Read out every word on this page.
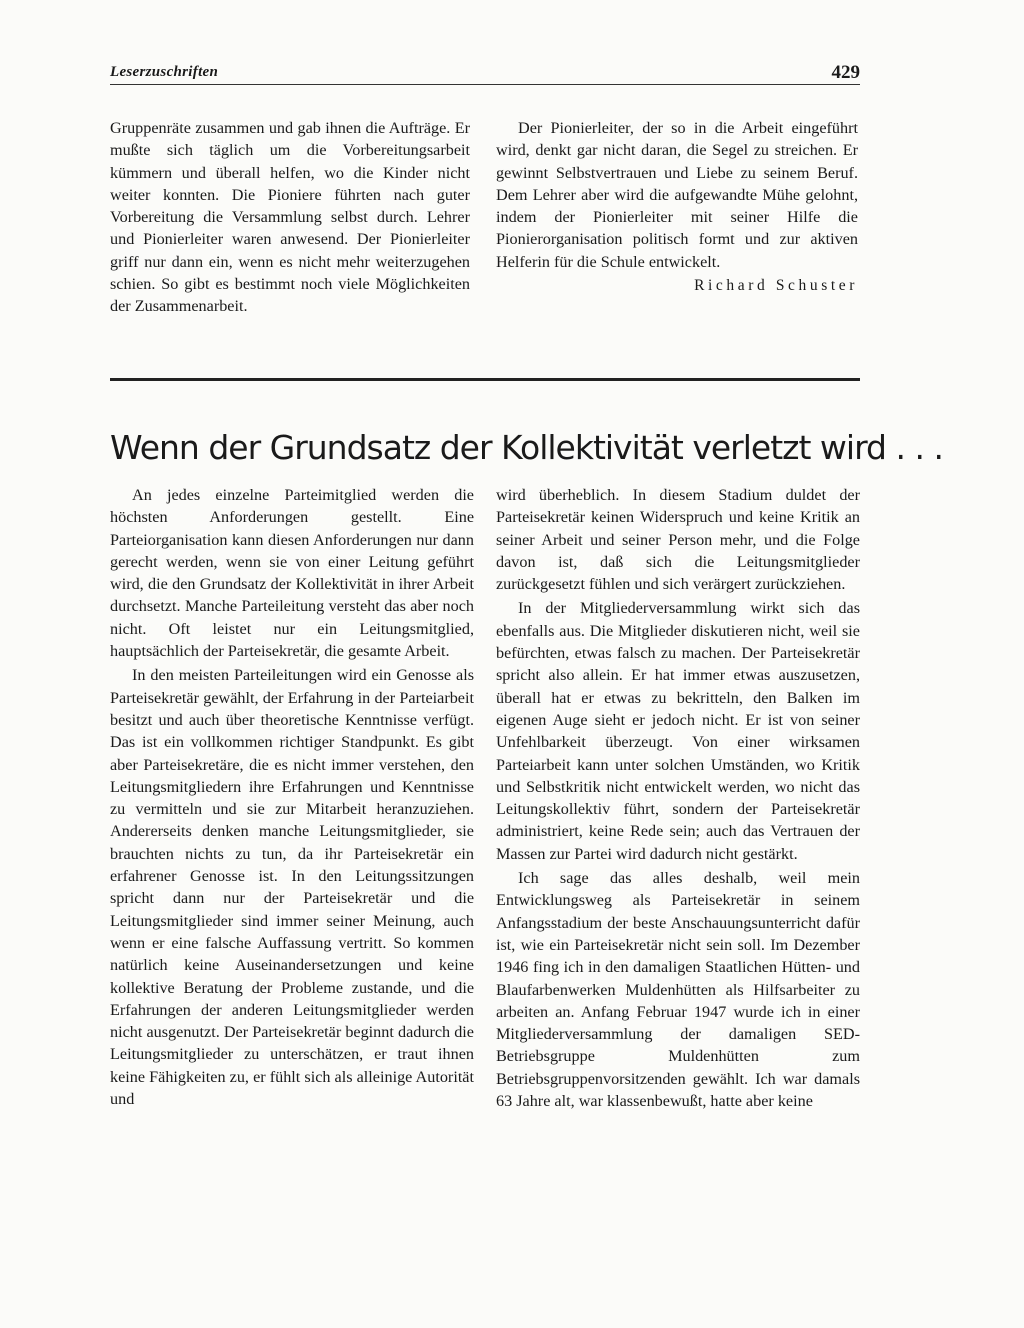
Leserzuschriften	429

Gruppenräte zusammen und gab ihnen die Aufträge. Er mußte sich täglich um die Vorbereitungsarbeit kümmern und überall helfen, wo die Kinder nicht weiter konnten. Die Pioniere führten nach guter Vorbereitung die Versammlung selbst durch. Lehrer und Pionierleiter waren anwesend. Der Pionierleiter griff nur dann ein, wenn es nicht mehr weiterzugehen schien. So gibt es bestimmt noch viele Möglichkeiten der Zusammenarbeit.

Der Pionierleiter, der so in die Arbeit eingeführt wird, denkt gar nicht daran, die Segel zu streichen. Er gewinnt Selbstvertrauen und Liebe zu seinem Beruf. Dem Lehrer aber wird die aufgewandte Mühe gelohnt, indem der Pionierleiter mit seiner Hilfe die Pionierorganisation politisch formt und zur aktiven Helferin für die Schule entwickelt.

Richard Schuster

Wenn der Grundsatz der Kollektivität verletzt wird . . .

An jedes einzelne Parteimitglied werden die höchsten Anforderungen gestellt. Eine Parteiorganisation kann diesen Anforderungen nur dann gerecht werden, wenn sie von einer Leitung geführt wird, die den Grundsatz der Kollektivität in ihrer Arbeit durchsetzt. Manche Parteileitung versteht das aber noch nicht. Oft leistet nur ein Leitungsmitglied, hauptsächlich der Parteisekretär, die gesamte Arbeit.

In den meisten Parteileitungen wird ein Genosse als Parteisekretär gewählt, der Erfahrung in der Parteiarbeit besitzt und auch über theoretische Kenntnisse verfügt. Das ist ein vollkommen richtiger Standpunkt. Es gibt aber Parteisekretäre, die es nicht immer verstehen, den Leitungsmitgliedern ihre Erfahrungen und Kenntnisse zu vermitteln und sie zur Mitarbeit heranzuziehen. Andererseits denken manche Leitungsmitglieder, sie brauchten nichts zu tun, da ihr Parteisekretär ein erfahrener Genosse ist. In den Leitungssitzungen spricht dann nur der Parteisekretär und die Leitungsmitglieder sind immer seiner Meinung, auch wenn er eine falsche Auffassung vertritt. So kommen natürlich keine Auseinandersetzungen und keine kollektive Beratung der Probleme zustande, und die Erfahrungen der anderen Leitungsmitglieder werden nicht ausgenutzt. Der Parteisekretär beginnt dadurch die Leitungsmitglieder zu unterschätzen, er traut ihnen keine Fähigkeiten zu, er fühlt sich als alleinige Autorität und

wird überheblich. In diesem Stadium duldet der Parteisekretär keinen Widerspruch und keine Kritik an seiner Arbeit und seiner Person mehr, und die Folge davon ist, daß sich die Leitungsmitglieder zurückgesetzt fühlen und sich verärgert zurückziehen.

In der Mitgliederversammlung wirkt sich das ebenfalls aus. Die Mitglieder diskutieren nicht, weil sie befürchten, etwas falsch zu machen. Der Parteisekretär spricht also allein. Er hat immer etwas auszusetzen, überall hat er etwas zu bekritteln, den Balken im eigenen Auge sieht er jedoch nicht. Er ist von seiner Unfehlbarkeit überzeugt. Von einer wirksamen Parteiarbeit kann unter solchen Umständen, wo Kritik und Selbstkritik nicht entwickelt werden, wo nicht das Leitungskollektiv führt, sondern der Parteisekretär administriert, keine Rede sein; auch das Vertrauen der Massen zur Partei wird dadurch nicht gestärkt.

Ich sage das alles deshalb, weil mein Entwicklungsweg als Parteisekretär in seinem Anfangsstadium der beste Anschauungsunterricht dafür ist, wie ein Parteisekretär nicht sein soll. Im Dezember 1946 fing ich in den damaligen Staatlichen Hütten- und Blaufarbenwerken Muldenhütten als Hilfsarbeiter zu arbeiten an. Anfang Februar 1947 wurde ich in einer Mitgliederversammlung der damaligen SED-Betriebsgruppe Muldenhütten zum Betriebsgruppenvorsitzenden gewählt. Ich war damals 63 Jahre alt, war klassenbewußt, hatte aber keine
